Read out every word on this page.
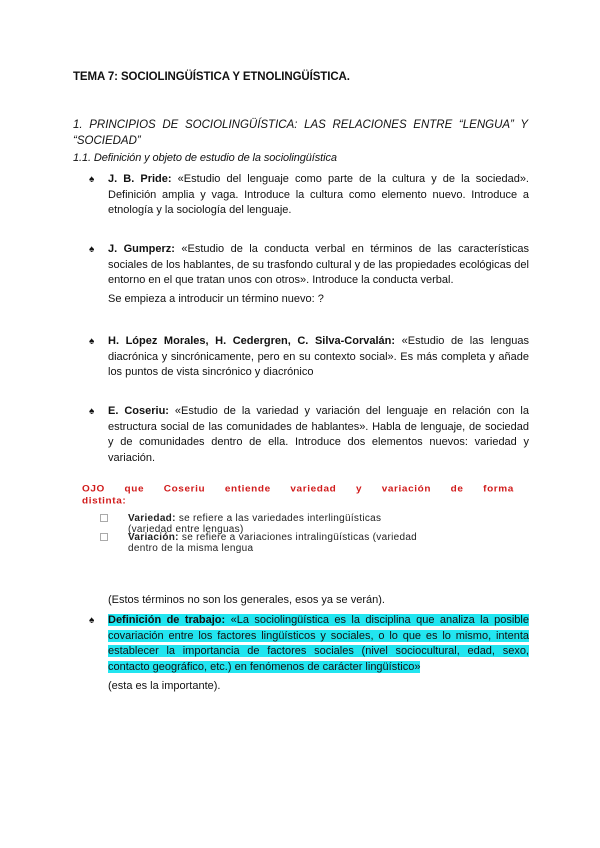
TEMA 7: SOCIOLINGÜÍSTICA Y ETNOLINGÜÍSTICA.
1. PRINCIPIOS DE SOCIOLINGÜÍSTICA: LAS RELACIONES ENTRE “LENGUA” Y “SOCIEDAD”
1.1. Definición y objeto de estudio de la sociolingüística
♠	J. B. Pride: «Estudio del lenguaje como parte de la cultura y de la sociedad». Definición amplia y vaga. Introduce la cultura como elemento nuevo. Introduce a etnología y la sociología del lenguaje.
♠	J. Gumperz: «Estudio de la conducta verbal en términos de las características sociales de los hablantes, de su trasfondo cultural y de las propiedades ecológicas del entorno en el que tratan unos con otros». Introduce la conducta verbal.
Se empieza a introducir un término nuevo: ?
♠	H. López Morales, H. Cedergren, C. Silva-Corvalán: «Estudio de las lenguas diacrónica y sincrónicamente, pero en su contexto social». Es más completa y añade los puntos de vista sincrónico y diacrónico
♠	E. Coseriu: «Estudio de la variedad y variación del lenguaje en relación con la estructura social de las comunidades de hablantes». Habla de lenguaje, de sociedad y de comunidades dentro de ella. Introduce dos elementos nuevos: variedad y variación.
OJO que Coseriu entiende variedad y variación de forma
distinta:
Variedad: se refiere a las variedades interlingüísticas
(variedad entre lenguas)
Variación: se refiere a variaciones intralingüísticas (variedad
dentro de la misma lengua
(Estos términos no son los generales, esos ya se verán).
♠	Definición de trabajo: «La sociolingüística es la disciplina que analiza la posible covariación entre los factores lingüísticos y sociales, o lo que es lo mismo, intenta establecer la importancia de factores sociales (nivel sociocultural, edad, sexo, contacto geográfico, etc.) en fenómenos de carácter lingüístico»
(esta es la importante).
